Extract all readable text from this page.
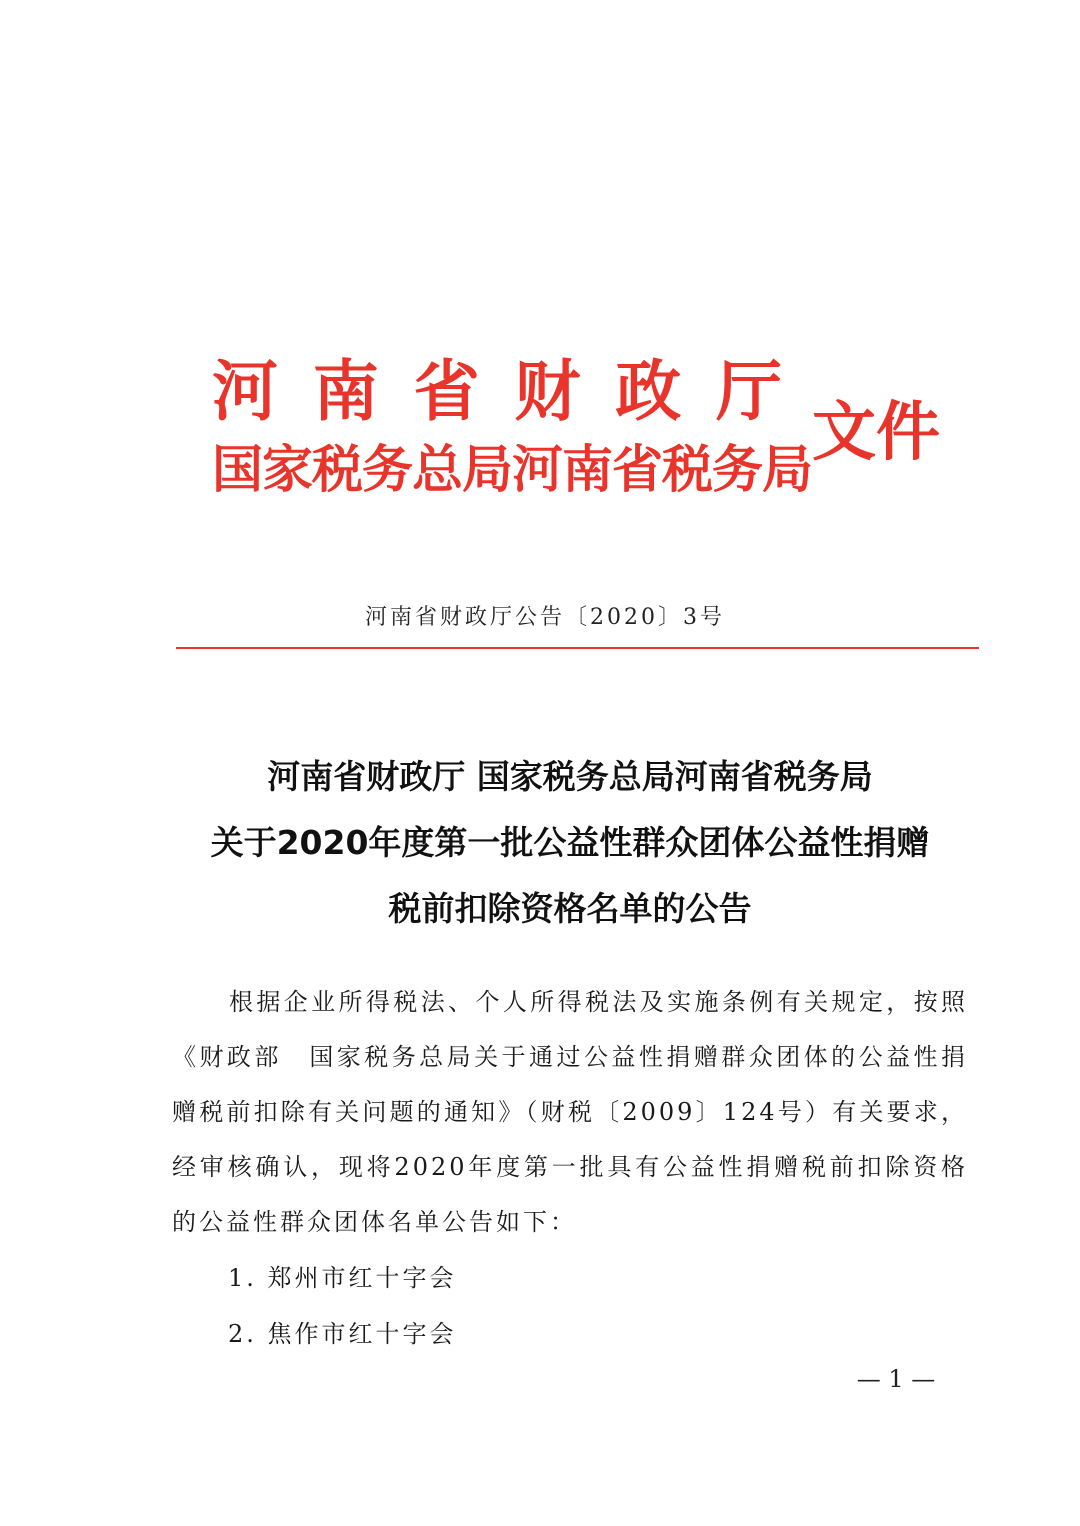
河 南 省 财 政 厅
国家税务总局河南省税务局
文件
河南省财政厅公告〔2020〕3号
河南省财政厅 国家税务总局河南省税务局
关于2020年度第一批公益性群众团体公益性捐赠
税前扣除资格名单的公告
根据企业所得税法、个人所得税法及实施条例有关规定，按照《财政部　国家税务总局关于通过公益性捐赠群众团体的公益性捐赠税前扣除有关问题的通知》（财税〔2009〕124号）有关要求，经审核确认，现将2020年度第一批具有公益性捐赠税前扣除资格的公益性群众团体名单公告如下：
1. 郑州市红十字会
2. 焦作市红十字会
— 1 —
